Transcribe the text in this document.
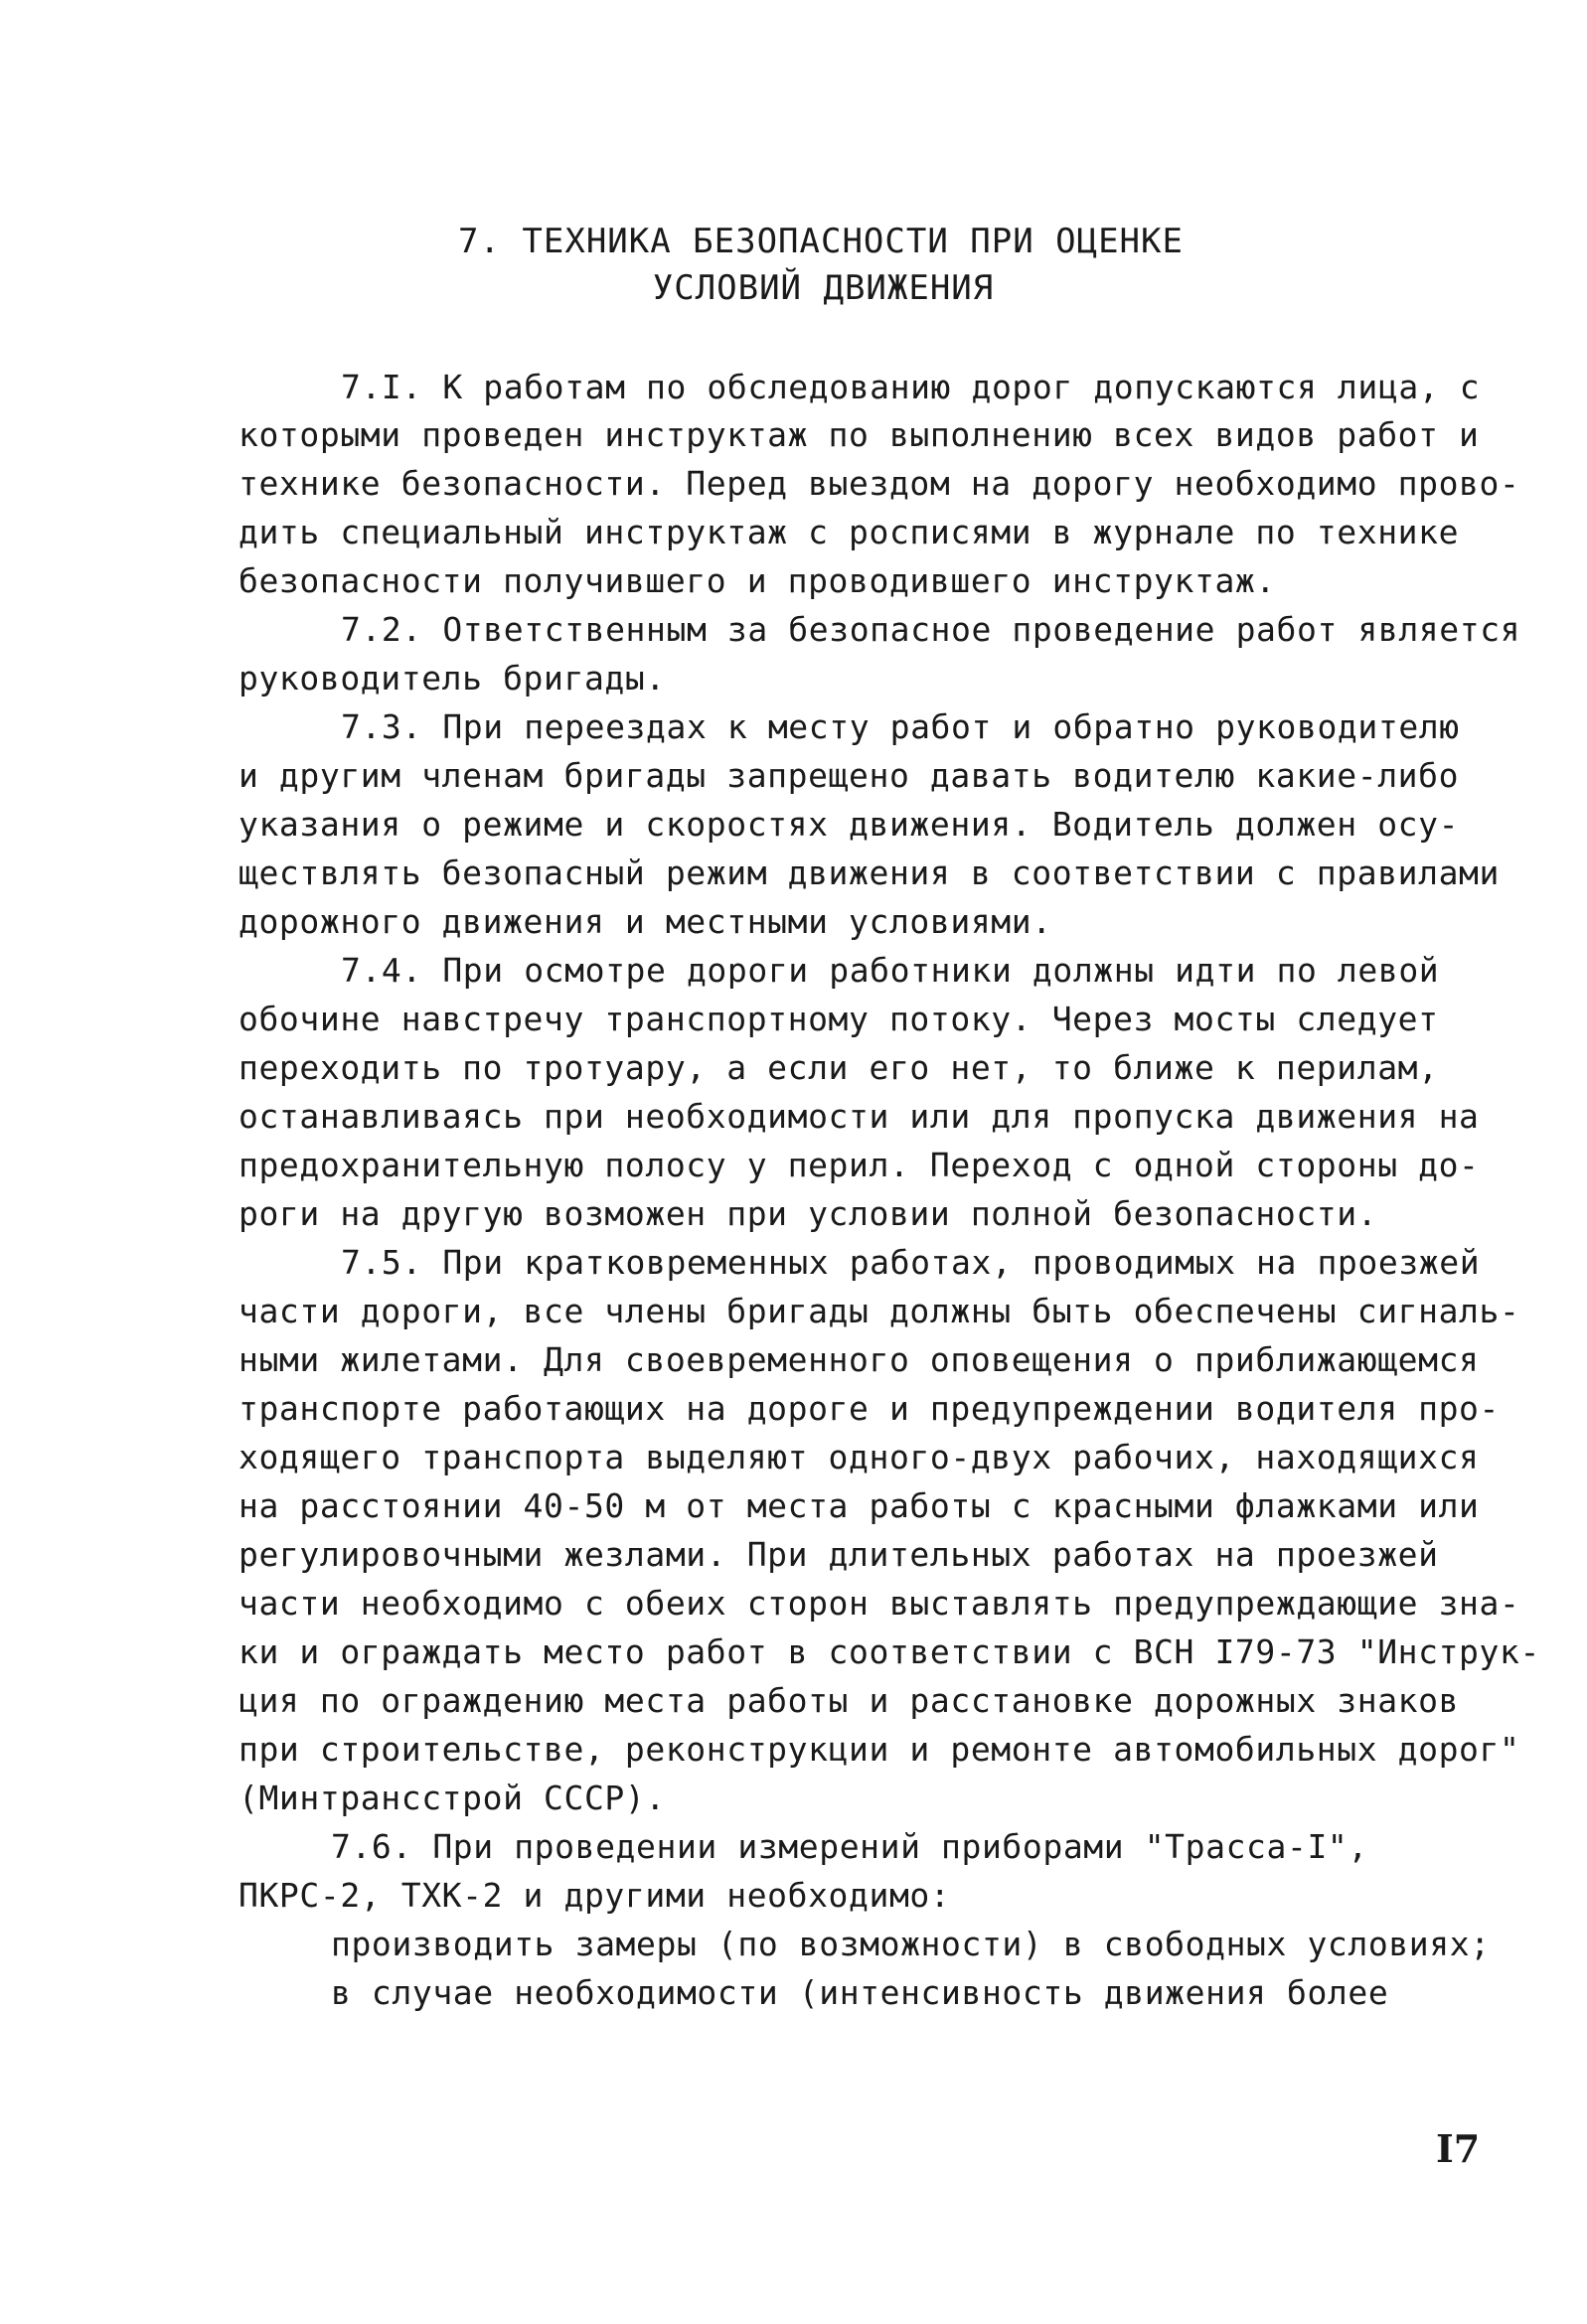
7. ТЕХНИКА БЕЗОПАСНОСТИ ПРИ ОЦЕНКЕ
УСЛОВИЙ ДВИЖЕНИЯ
7.I. К работам по обследованию дорог допускаются лица, с
которыми проведен инструктаж по выполнению всех видов работ и
технике безопасности. Перед выездом на дорогу необходимо прово-
дить специальный инструктаж с росписями в журнале по технике
безопасности получившего и проводившего инструктаж.
7.2. Ответственным за безопасное проведение работ является
руководитель бригады.
7.3. При переездах к месту работ и обратно руководителю
и другим членам бригады запрещено давать водителю какие-либо
указания о режиме и скоростях движения. Водитель должен осу-
ществлять безопасный режим движения в соответствии с правилами
дорожного движения и местными условиями.
7.4. При осмотре дороги работники должны идти по левой
обочине навстречу транспортному потоку. Через мосты следует
переходить по тротуару, а если его нет, то ближе к перилам,
останавливаясь при необходимости или для пропуска движения на
предохранительную полосу у перил. Переход с одной стороны до-
роги на другую возможен при условии полной безопасности.
7.5. При кратковременных работах, проводимых на проезжей
части дороги, все члены бригады должны быть обеспечены сигналь-
ными жилетами. Для своевременного оповещения о приближающемся
транспорте работающих на дороге и предупреждении водителя про-
ходящего транспорта выделяют одного-двух рабочих, находящихся
на расстоянии 40-50 м от места работы с красными флажками или
регулировочными жезлами. При длительных работах на проезжей
части необходимо с обеих сторон выставлять предупреждающие зна-
ки и ограждать место работ в соответствии с ВСН I79-73 "Инструк-
ция по ограждению места работы и расстановке дорожных знаков
при строительстве, реконструкции и ремонте автомобильных дорог"
(Минтрансстрой СССР).
7.6. При проведении измерений приборами "Трасса-I",
ПКРС-2, ТХК-2 и другими необходимо:
производить замеры (по возможности) в свободных условиях;
в случае необходимости (интенсивность движения более
I7
